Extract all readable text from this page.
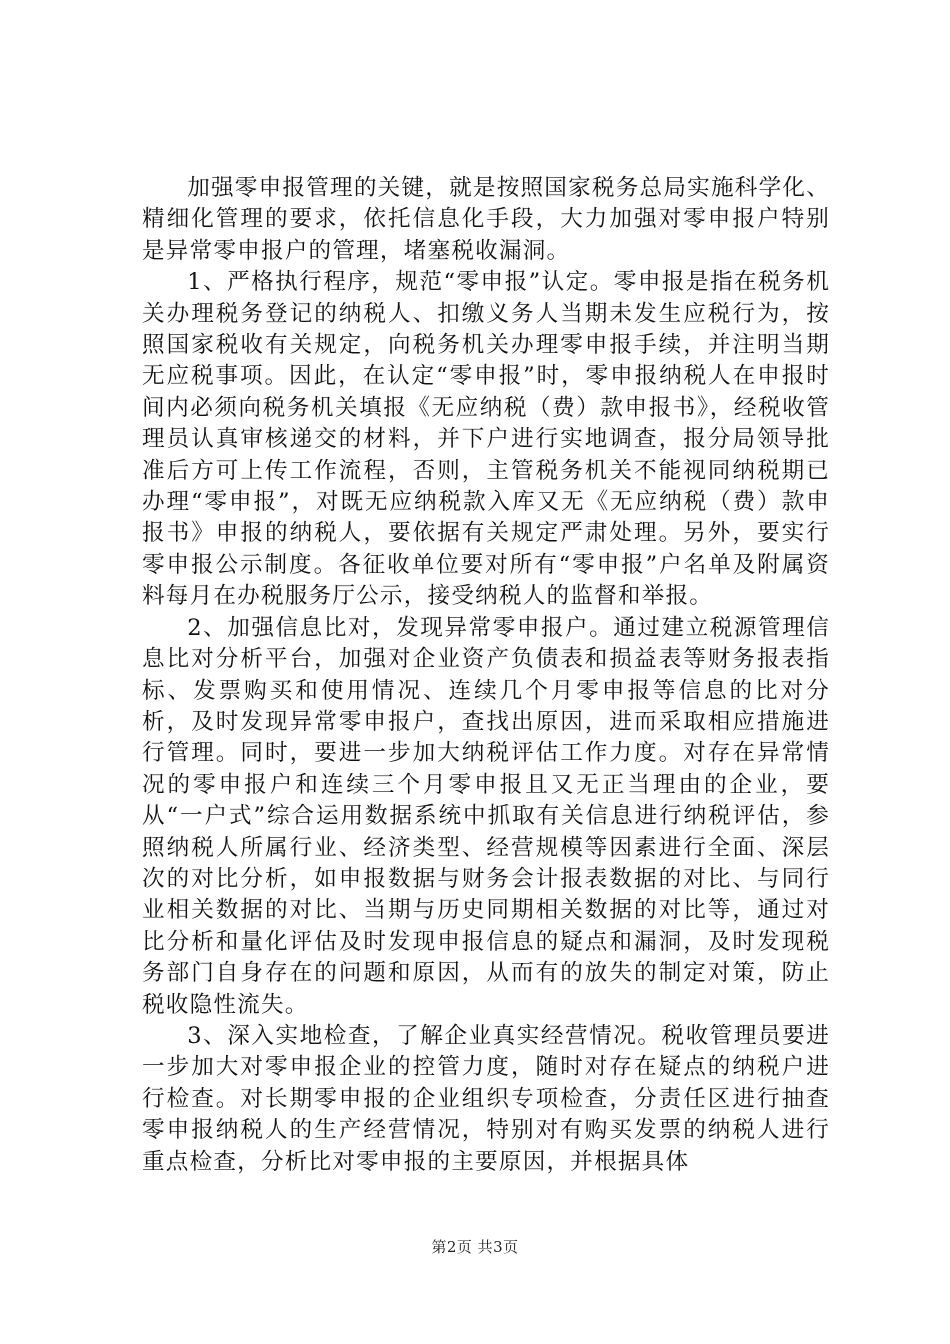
加强零申报管理的关键，就是按照国家税务总局实施科学化、精细化管理的要求，依托信息化手段，大力加强对零申报户特别是异常零申报户的管理，堵塞税收漏洞。

1、严格执行程序，规范“零申报”认定。零申报是指在税务机关办理税务登记的纳税人、扣缴义务人当期未发生应税行为，按照国家税收有关规定，向税务机关办理零申报手续，并注明当期无应税事项。因此，在认定“零申报”时，零申报纳税人在申报时间内必须向税务机关填报《无应纳税（费）款申报书》，经税收管理员认真审核递交的材料，并下户进行实地调查，报分局领导批准后方可上传工作流程，否则，主管税务机关不能视同纳税期已办理“零申报”，对既无应纳税款入库又无《无应纳税（费）款申报书》申报的纳税人，要依据有关规定严肃处理。另外，要实行零申报公示制度。各征收单位要对所有“零申报”户名单及附属资料每月在办税服务厅公示，接受纳税人的监督和举报。

2、加强信息比对，发现异常零申报户。通过建立税源管理信息比对分析平台，加强对企业资产负债表和损益表等财务报表指标、发票购买和使用情况、连续几个月零申报等信息的比对分析，及时发现异常零申报户，查找出原因，进而采取相应措施进行管理。同时，要进一步加大纳税评估工作力度。对存在异常情况的零申报户和连续三个月零申报且又无正当理由的企业，要从“一户式”综合运用数据系统中抓取有关信息进行纳税评估，参照纳税人所属行业、经济类型、经营规模等因素进行全面、深层次的对比分析，如申报数据与财务会计报表数据的对比、与同行业相关数据的对比、当期与历史同期相关数据的对比等，通过对比分析和量化评估及时发现申报信息的疑点和漏洞，及时发现税务部门自身存在的问题和原因，从而有的放失的制定对策，防止税收隐性流失。

3、深入实地检查，了解企业真实经营情况。税收管理员要进一步加大对零申报企业的控管力度，随时对存在疑点的纳税户进行检查。对长期零申报的企业组织专项检查，分责任区进行抽查零申报纳税人的生产经营情况，特别对有购买发票的纳税人进行重点检查，分析比对零申报的主要原因，并根据具体

第2页 共3页
